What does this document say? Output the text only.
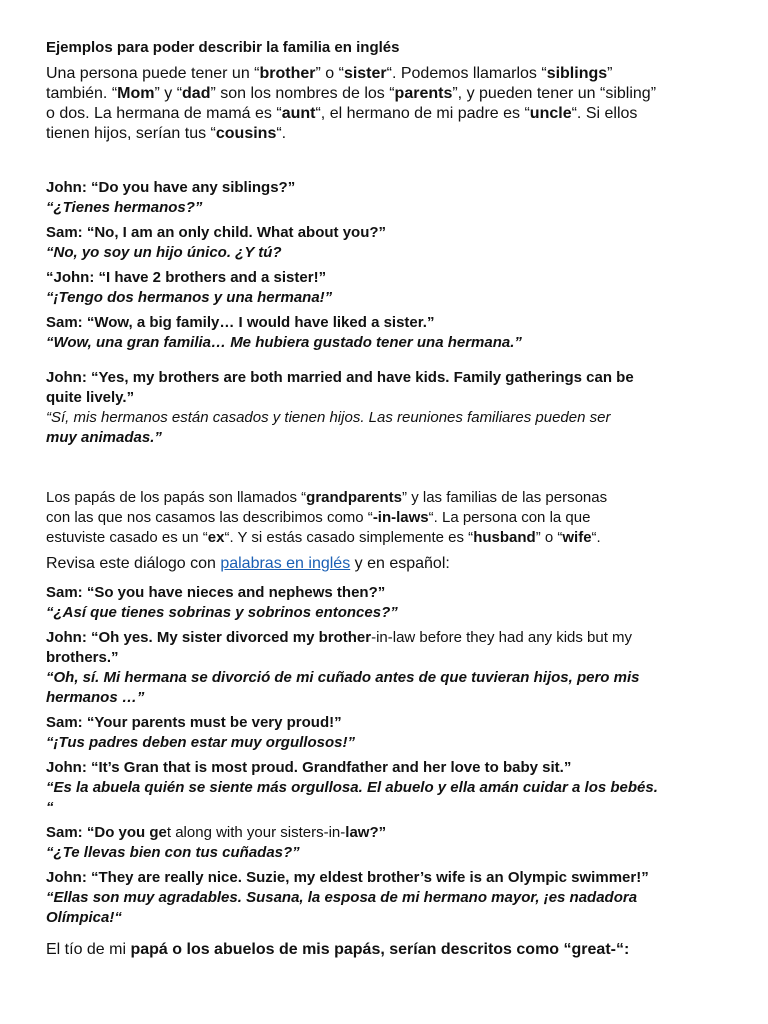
Ejemplos para poder describir la familia en inglés

Una persona puede tener un “brother” o “sister“. Podemos llamarlos “siblings”
también. “Mom” y “dad” son los nombres de los “parents”, y pueden tener un “sibling”
o dos. La hermana de mamá es “aunt“, el hermano de mi padre es “uncle“. Si ellos
tienen hijos, serían tus “cousins“.
John: “Do you have any siblings?”
“¿Tienes hermanos?”
Sam: “No, I am an only child. What about you?”
“No, yo soy un hijo único. ¿Y tú?
“John: “I have 2 brothers and a sister!”
“¡Tengo dos hermanos y una hermana!”
Sam: “Wow, a big family… I would have liked a sister.”
“Wow, una gran familia… Me hubiera gustado tener una hermana.”
John: “Yes, my brothers are both married and have kids. Family gatherings can be
quite lively.”
“Sí, mis hermanos están casados y tienen hijos. Las reuniones familiares pueden ser
muy animadas.”
Los papás de los papás son llamados “grandparents” y las familias de las personas
con las que nos casamos las describimos como “-in-laws“. La persona con la que
estuviste casado es un “ex“. Y si estás casado simplemente es “husband” o “wife“.
Revisa este diálogo con palabras en inglés y en español:
Sam: “So you have nieces and nephews then?”
“¿Así que tienes sobrinas y sobrinos entonces?”
John: “Oh yes. My sister divorced my brother-in-law before they had any kids but my
brothers.”
“Oh, sí. Mi hermana se divorció de mi cuñado antes de que tuvieran hijos, pero mis
hermanos …”
Sam: “Your parents must be very proud!”
“¡Tus padres deben estar muy orgullosos!”
John: “It’s Gran that is most proud. Grandfather and her love to baby sit.”
“Es la abuela quién se siente más orgullosa. El abuelo y ella amán cuidar a los bebés.
“
Sam: “Do you get along with your sisters-in-law?”
“¿Te llevas bien con tus cuñadas?”
John: “They are really nice. Suzie, my eldest brother’s wife is an Olympic swimmer!”
“Ellas son muy agradables. Susana, la esposa de mi hermano mayor, ¡es nadadora
Olímpica!“
El tío de mi papá o los abuelos de mis papás, serían descritos como “great-“:
